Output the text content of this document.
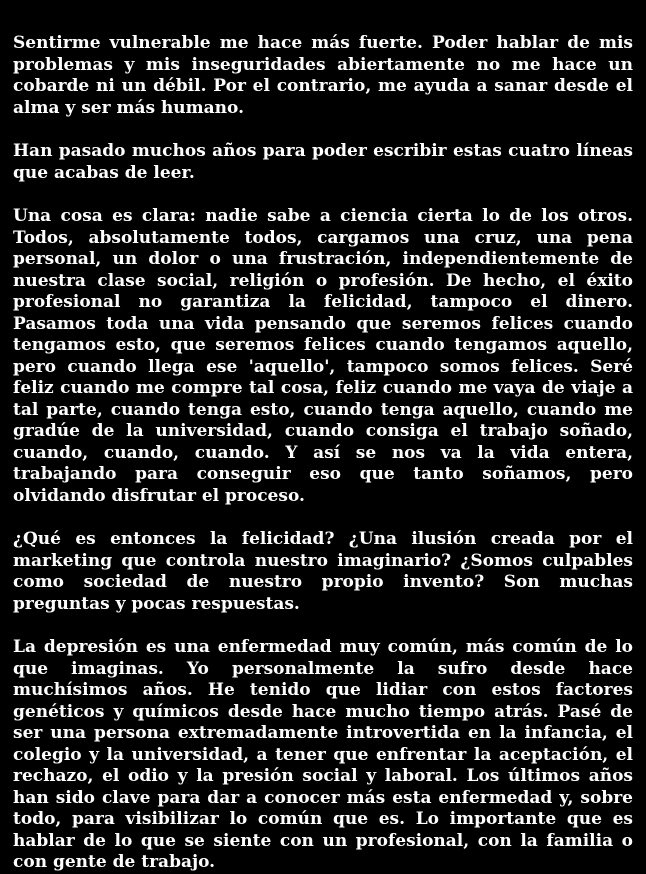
Sentirme vulnerable me hace más fuerte. Poder hablar de mis problemas y mis inseguridades abiertamente no me hace un cobarde ni un débil. Por el contrario, me ayuda a sanar desde el alma y ser más humano.

Han pasado muchos años para poder escribir estas cuatro líneas que acabas de leer.

Una cosa es clara: nadie sabe a ciencia cierta lo de los otros. Todos, absolutamente todos, cargamos una cruz, una pena personal, un dolor o una frustración, independientemente de nuestra clase social, religión o profesión. De hecho, el éxito profesional no garantiza la felicidad, tampoco el dinero. Pasamos toda una vida pensando que seremos felices cuando tengamos esto, que seremos felices cuando tengamos aquello, pero cuando llega ese 'aquello', tampoco somos felices. Seré feliz cuando me compre tal cosa, feliz cuando me vaya de viaje a tal parte, cuando tenga esto, cuando tenga aquello, cuando me gradúe de la universidad, cuando consiga el trabajo soñado, cuando, cuando, cuando. Y así se nos va la vida entera, trabajando para conseguir eso que tanto soñamos, pero olvidando disfrutar el proceso.

¿Qué es entonces la felicidad? ¿Una ilusión creada por el marketing que controla nuestro imaginario? ¿Somos culpables como sociedad de nuestro propio invento? Son muchas preguntas y pocas respuestas.

La depresión es una enfermedad muy común, más común de lo que imaginas. Yo personalmente la sufro desde hace muchísimos años. He tenido que lidiar con estos factores genéticos y químicos desde hace mucho tiempo atrás. Pasé de ser una persona extremadamente introvertida en la infancia, el colegio y la universidad, a tener que enfrentar la aceptación, el rechazo, el odio y la presión social y laboral. Los últimos años han sido clave para dar a conocer más esta enfermedad y, sobre todo, para visibilizar lo común que es. Lo importante que es hablar de lo que se siente con un profesional, con la familia o con gente de trabajo.
